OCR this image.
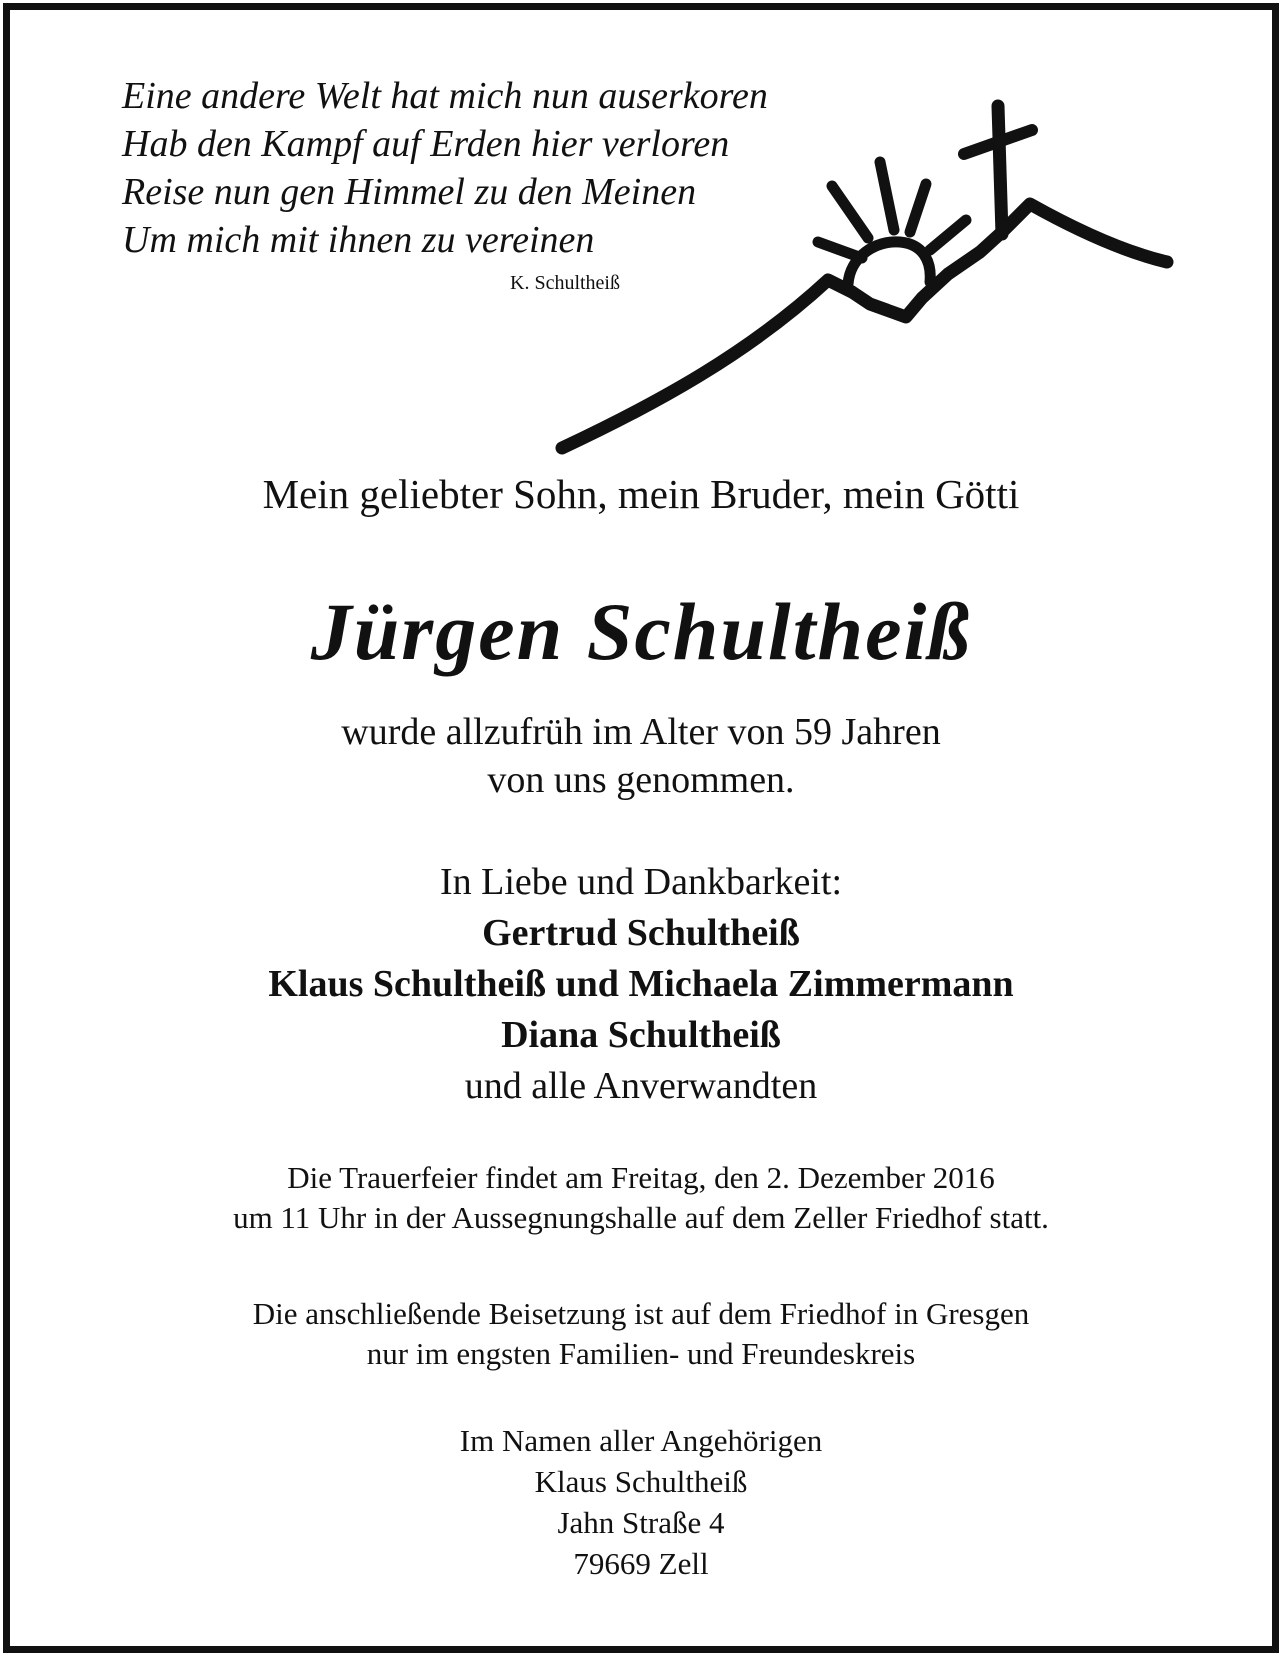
Eine andere Welt hat mich nun auserkoren
Hab den Kampf auf Erden hier verloren
Reise nun gen Himmel zu den Meinen
Um mich mit ihnen zu vereinen
K. Schultheiß
Mein geliebter Sohn, mein Bruder, mein Götti
Jürgen Schultheiß
wurde allzufrüh im Alter von 59 Jahren
von uns genommen.
In Liebe und Dankbarkeit:
Gertrud Schultheiß
Klaus Schultheiß und Michaela Zimmermann
Diana Schultheiß
und alle Anverwandten
Die Trauerfeier findet am Freitag, den 2. Dezember 2016
um 11 Uhr in der Aussegnungshalle auf dem Zeller Friedhof statt.
Die anschließende Beisetzung ist auf dem Friedhof in Gresgen
nur im engsten Familien- und Freundeskreis
Im Namen aller Angehörigen
Klaus Schultheiß
Jahn Straße 4
79669 Zell
